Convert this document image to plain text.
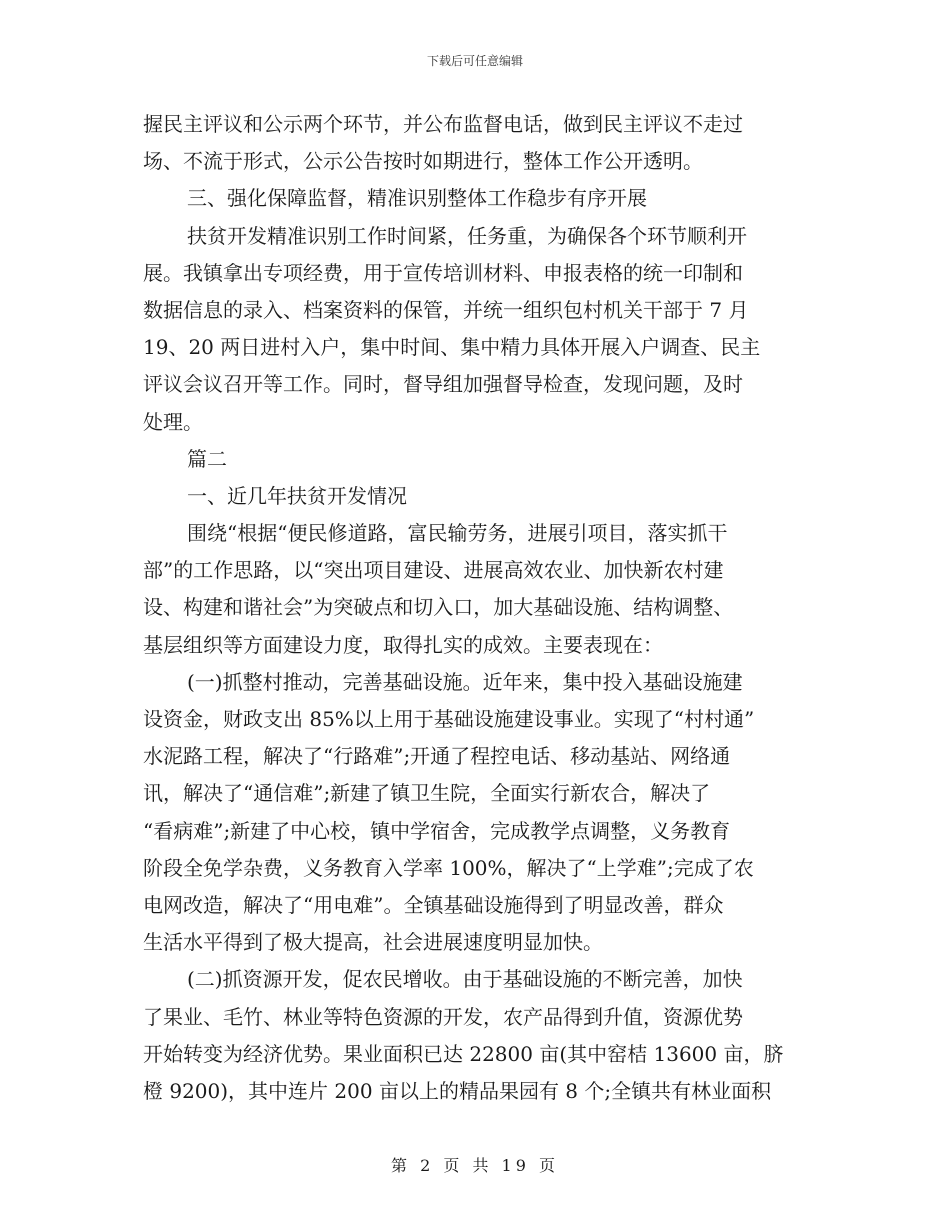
下载后可任意编辑
握民主评议和公示两个环节，并公布监督电话，做到民主评议不走过
场、不流于形式，公示公告按时如期进行，整体工作公开透明。
三、强化保障监督，精准识别整体工作稳步有序开展
扶贫开发精准识别工作时间紧，任务重，为确保各个环节顺利开
展。我镇拿出专项经费，用于宣传培训材料、申报表格的统一印制和
数据信息的录入、档案资料的保管，并统一组织包村机关干部于 7 月
19、20 两日进村入户，集中时间、集中精力具体开展入户调查、民主
评议会议召开等工作。同时，督导组加强督导检查，发现问题，及时
处理。
篇二
一、近几年扶贫开发情况
围绕“根据“便民修道路，富民输劳务，进展引项目，落实抓干
部”的工作思路，以“突出项目建设、进展高效农业、加快新农村建
设、构建和谐社会”为突破点和切入口，加大基础设施、结构调整、
基层组织等方面建设力度，取得扎实的成效。主要表现在：
(一)抓整村推动，完善基础设施。近年来，集中投入基础设施建
设资金，财政支出 85%以上用于基础设施建设事业。实现了“村村通”
水泥路工程，解决了“行路难”;开通了程控电话、移动基站、网络通
讯，解决了“通信难”;新建了镇卫生院，全面实行新农合，解决了
“看病难”;新建了中心校，镇中学宿舍，完成教学点调整，义务教育
阶段全免学杂费，义务教育入学率 100%，解决了“上学难”;完成了农
电网改造，解决了“用电难”。全镇基础设施得到了明显改善，群众
生活水平得到了极大提高，社会进展速度明显加快。
(二)抓资源开发，促农民增收。由于基础设施的不断完善，加快
了果业、毛竹、林业等特色资源的开发，农产品得到升值，资源优势
开始转变为经济优势。果业面积已达 22800 亩(其中窑桔 13600 亩，脐
橙 9200)，其中连片 200 亩以上的精品果园有 8 个;全镇共有林业面积
第 2 页 共 19 页
